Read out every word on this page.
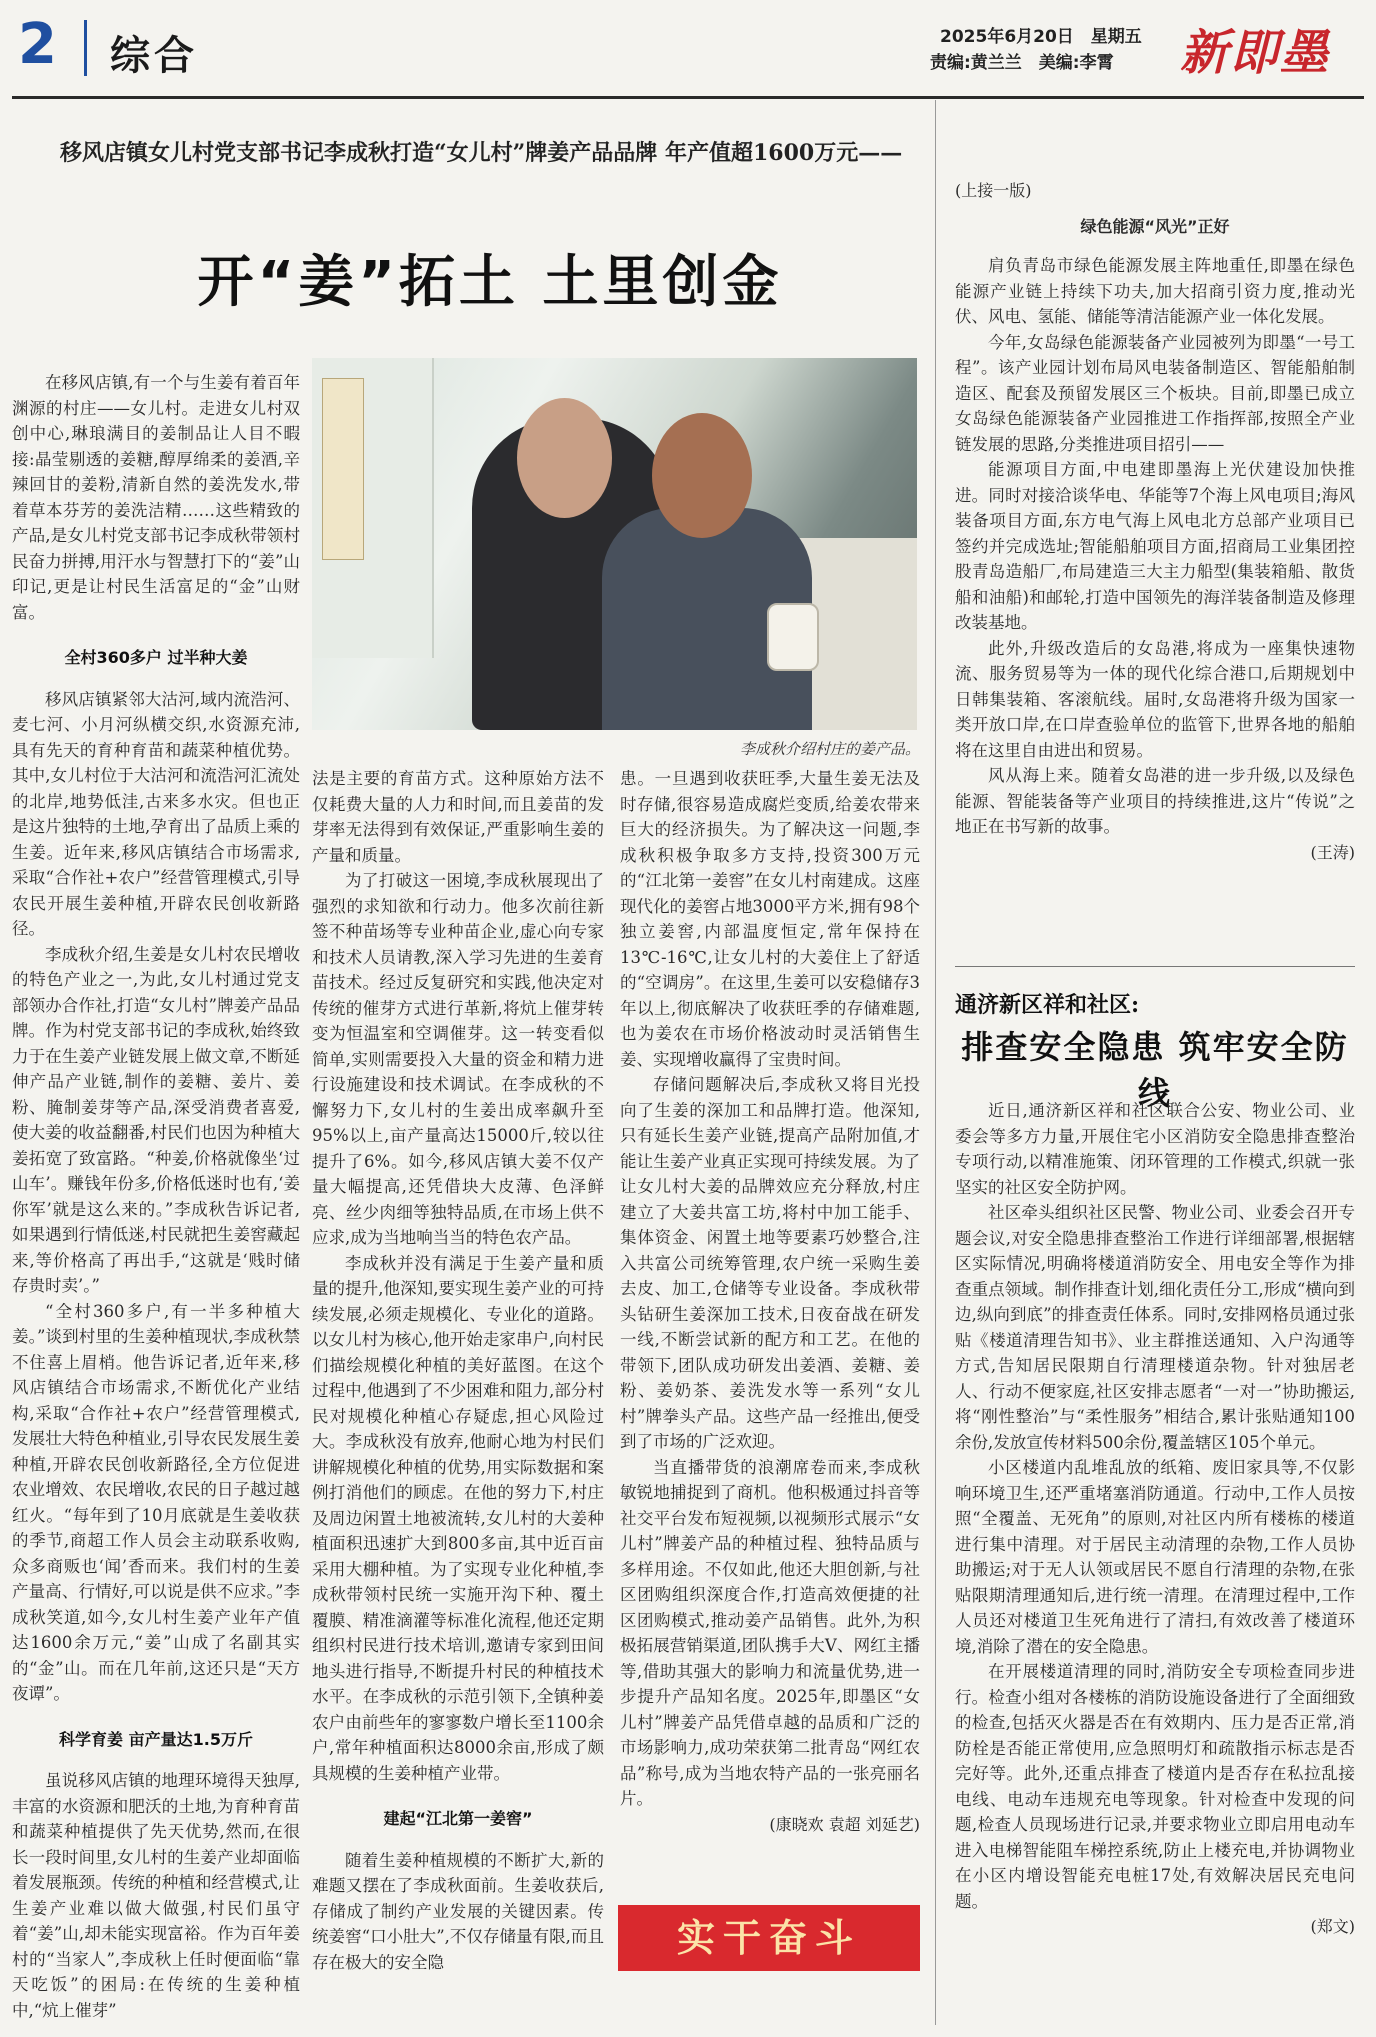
2 综合	2025年6月20日　星期五
责编:黄兰兰　美编:李霄 新即墨
移风店镇女儿村党支部书记李成秋打造“女儿村”牌姜产品品牌 年产值超1600万元——
开“姜”拓土 土里创金

在移风店镇,有一个与生姜有着百年渊源的村庄——女儿村。走进女儿村双创中心,琳琅满目的姜制品让人目不暇接:晶莹剔透的姜糖,醇厚绵柔的姜酒,辛辣回甘的姜粉,清新自然的姜洗发水,带着草本芬芳的姜洗洁精……这些精致的产品,是女儿村党支部书记李成秋带领村民奋力拼搏,用汗水与智慧打下的“姜”山印记,更是让村民生活富足的“金”山财富。

全村360多户 过半种大姜

移风店镇紧邻大沽河,域内流浩河、麦七河、小月河纵横交织,水资源充沛,具有先天的育种育苗和蔬菜种植优势。其中,女儿村位于大沽河和流浩河汇流处的北岸,地势低洼,古来多水灾。但也正是这片独特的土地,孕育出了品质上乘的生姜。近年来,移风店镇结合市场需求,采取“合作社+农户”经营管理模式,引导农民开展生姜种植,开辟农民创收新路径。

李成秋介绍,生姜是女儿村农民增收的特色产业之一,为此,女儿村通过党支部领办合作社,打造“女儿村”牌姜产品品牌。作为村党支部书记的李成秋,始终致力于在生姜产业链发展上做文章,不断延伸产品产业链,制作的姜糖、姜片、姜粉、腌制姜芽等产品,深受消费者喜爱,使大姜的收益翻番,村民们也因为种植大姜拓宽了致富路。“种姜,价格就像坐‘过山车’。赚钱年份多,价格低迷时也有,‘姜你军’就是这么来的。”李成秋告诉记者,如果遇到行情低迷,村民就把生姜窖藏起来,等价格高了再出手,“这就是‘贱时储存贵时卖’。”

“全村360多户,有一半多种植大姜。”谈到村里的生姜种植现状,李成秋禁不住喜上眉梢。他告诉记者,近年来,移风店镇结合市场需求,不断优化产业结构,采取“合作社+农户”经营管理模式,发展壮大特色种植业,引导农民发展生姜种植,开辟农民创收新路径,全方位促进农业增效、农民增收,农民的日子越过越红火。“每年到了10月底就是生姜收获的季节,商超工作人员会主动联系收购,众多商贩也‘闻’香而来。我们村的生姜产量高、行情好,可以说是供不应求。”李成秋笑道,如今,女儿村生姜产业年产值达1600余万元,“姜”山成了名副其实的“金”山。而在几年前,这还只是“天方夜谭”。

科学育姜 亩产量达1.5万斤

虽说移风店镇的地理环境得天独厚,丰富的水资源和肥沃的土地,为育种育苗和蔬菜种植提供了先天优势,然而,在很长一段时间里,女儿村的生姜产业却面临着发展瓶颈。传统的种植和经营模式,让生姜产业难以做大做强,村民们虽守着“姜”山,却未能实现富裕。作为百年姜村的“当家人”,李成秋上任时便面临“靠天吃饭”的困局:在传统的生姜种植中,“炕上催芽”

李成秋介绍村庄的姜产品。

法是主要的育苗方式。这种原始方法不仅耗费大量的人力和时间,而且姜苗的发芽率无法得到有效保证,严重影响生姜的产量和质量。

为了打破这一困境,李成秋展现出了强烈的求知欲和行动力。他多次前往新签不种苗场等专业种苗企业,虚心向专家和技术人员请教,深入学习先进的生姜育苗技术。经过反复研究和实践,他决定对传统的催芽方式进行革新,将炕上催芽转变为恒温室和空调催芽。这一转变看似简单,实则需要投入大量的资金和精力进行设施建设和技术调试。在李成秋的不懈努力下,女儿村的生姜出成率飙升至95%以上,亩产量高达15000斤,较以往提升了6%。如今,移风店镇大姜不仅产量大幅提高,还凭借块大皮薄、色泽鲜亮、丝少肉细等独特品质,在市场上供不应求,成为当地响当当的特色农产品。

李成秋并没有满足于生姜产量和质量的提升,他深知,要实现生姜产业的可持续发展,必须走规模化、专业化的道路。以女儿村为核心,他开始走家串户,向村民们描绘规模化种植的美好蓝图。在这个过程中,他遇到了不少困难和阻力,部分村民对规模化种植心存疑虑,担心风险过大。李成秋没有放弃,他耐心地为村民们讲解规模化种植的优势,用实际数据和案例打消他们的顾虑。在他的努力下,村庄及周边闲置土地被流转,女儿村的大姜种植面积迅速扩大到800多亩,其中近百亩采用大棚种植。为了实现专业化种植,李成秋带领村民统一实施开沟下种、覆土覆膜、精准滴灌等标准化流程,他还定期组织村民进行技术培训,邀请专家到田间地头进行指导,不断提升村民的种植技术水平。在李成秋的示范引领下,全镇种姜农户由前些年的寥寥数户增长至1100余户,常年种植面积达8000余亩,形成了颇具规模的生姜种植产业带。

建起“江北第一姜窖”

随着生姜种植规模的不断扩大,新的难题又摆在了李成秋面前。生姜收获后,存储成了制约产业发展的关键因素。传统姜窖“口小肚大”,不仅存储量有限,而且存在极大的安全隐

患。一旦遇到收获旺季,大量生姜无法及时存储,很容易造成腐烂变质,给姜农带来巨大的经济损失。为了解决这一问题,李成秋积极争取多方支持,投资300万元的“江北第一姜窖”在女儿村南建成。这座现代化的姜窖占地3000平方米,拥有98个独立姜窖,内部温度恒定,常年保持在13℃-16℃,让女儿村的大姜住上了舒适的“空调房”。在这里,生姜可以安稳储存3年以上,彻底解决了收获旺季的存储难题,也为姜农在市场价格波动时灵活销售生姜、实现增收赢得了宝贵时间。

存储问题解决后,李成秋又将目光投向了生姜的深加工和品牌打造。他深知,只有延长生姜产业链,提高产品附加值,才能让生姜产业真正实现可持续发展。为了让女儿村大姜的品牌效应充分释放,村庄建立了大姜共富工坊,将村中加工能手、集体资金、闲置土地等要素巧妙整合,注入共富公司统筹管理,农户统一采购生姜去皮、加工,仓储等专业设备。李成秋带头钻研生姜深加工技术,日夜奋战在研发一线,不断尝试新的配方和工艺。在他的带领下,团队成功研发出姜酒、姜糖、姜粉、姜奶茶、姜洗发水等一系列“女儿村”牌拳头产品。这些产品一经推出,便受到了市场的广泛欢迎。

当直播带货的浪潮席卷而来,李成秋敏锐地捕捉到了商机。他积极通过抖音等社交平台发布短视频,以视频形式展示“女儿村”牌姜产品的种植过程、独特品质与多样用途。不仅如此,他还大胆创新,与社区团购组织深度合作,打造高效便捷的社区团购模式,推动姜产品销售。此外,为积极拓展营销渠道,团队携手大V、网红主播等,借助其强大的影响力和流量优势,进一步提升产品知名度。2025年,即墨区“女儿村”牌姜产品凭借卓越的品质和广泛的市场影响力,成功荣获第二批青岛“网红农品”称号,成为当地农特产品的一张亮丽名片。

(康晓欢 袁超 刘延艺)
实干奋斗
(上接一版)
绿色能源“风光”正好

肩负青岛市绿色能源发展主阵地重任,即墨在绿色能源产业链上持续下功夫,加大招商引资力度,推动光伏、风电、氢能、储能等清洁能源产业一体化发展。

今年,女岛绿色能源装备产业园被列为即墨“一号工程”。该产业园计划布局风电装备制造区、智能船舶制造区、配套及预留发展区三个板块。目前,即墨已成立女岛绿色能源装备产业园推进工作指挥部,按照全产业链发展的思路,分类推进项目招引——

能源项目方面,中电建即墨海上光伏建设加快推进。同时对接洽谈华电、华能等7个海上风电项目;海风装备项目方面,东方电气海上风电北方总部产业项目已签约并完成选址;智能船舶项目方面,招商局工业集团控股青岛造船厂,布局建造三大主力船型(集装箱船、散货船和油船)和邮轮,打造中国领先的海洋装备制造及修理改装基地。

此外,升级改造后的女岛港,将成为一座集快速物流、服务贸易等为一体的现代化综合港口,后期规划中日韩集装箱、客滚航线。届时,女岛港将升级为国家一类开放口岸,在口岸查验单位的监管下,世界各地的船舶将在这里自由进出和贸易。

风从海上来。随着女岛港的进一步升级,以及绿色能源、智能装备等产业项目的持续推进,这片“传说”之地正在书写新的故事。

(王涛)
通济新区祥和社区:
排查安全隐患 筑牢安全防线

近日,通济新区祥和社区联合公安、物业公司、业委会等多方力量,开展住宅小区消防安全隐患排查整治专项行动,以精准施策、闭环管理的工作模式,织就一张坚实的社区安全防护网。

社区牵头组织社区民警、物业公司、业委会召开专题会议,对安全隐患排查整治工作进行详细部署,根据辖区实际情况,明确将楼道消防安全、用电安全等作为排查重点领域。制作排查计划,细化责任分工,形成“横向到边,纵向到底”的排查责任体系。同时,安排网格员通过张贴《楼道清理告知书》、业主群推送通知、入户沟通等方式,告知居民限期自行清理楼道杂物。针对独居老人、行动不便家庭,社区安排志愿者“一对一”协助搬运,将“刚性整治”与“柔性服务”相结合,累计张贴通知100余份,发放宣传材料500余份,覆盖辖区105个单元。

小区楼道内乱堆乱放的纸箱、废旧家具等,不仅影响环境卫生,还严重堵塞消防通道。行动中,工作人员按照“全覆盖、无死角”的原则,对社区内所有楼栋的楼道进行集中清理。对于居民主动清理的杂物,工作人员协助搬运;对于无人认领或居民不愿自行清理的杂物,在张贴限期清理通知后,进行统一清理。在清理过程中,工作人员还对楼道卫生死角进行了清扫,有效改善了楼道环境,消除了潜在的安全隐患。

在开展楼道清理的同时,消防安全专项检查同步进行。检查小组对各楼栋的消防设施设备进行了全面细致的检查,包括灭火器是否在有效期内、压力是否正常,消防栓是否能正常使用,应急照明灯和疏散指示标志是否完好等。此外,还重点排查了楼道内是否存在私拉乱接电线、电动车违规充电等现象。针对检查中发现的问题,检查人员现场进行记录,并要求物业立即启用电动车进入电梯智能阻车梯控系统,防止上楼充电,并协调物业在小区内增设智能充电桩17处,有效解决居民充电问题。

(郑文)
